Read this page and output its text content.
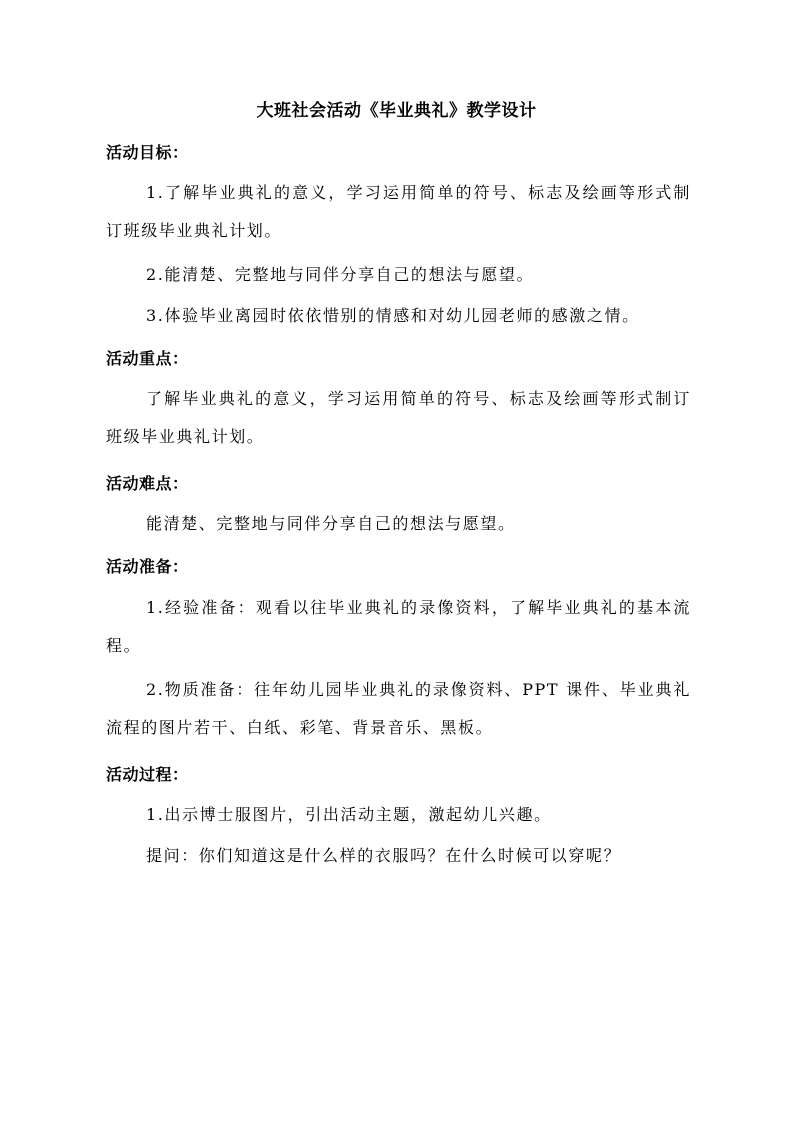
大班社会活动《毕业典礼》教学设计
活动目标：
1.了解毕业典礼的意义，学习运用简单的符号、标志及绘画等形式制订班级毕业典礼计划。
2.能清楚、完整地与同伴分享自己的想法与愿望。
3.体验毕业离园时依依惜别的情感和对幼儿园老师的感激之情。
活动重点：
了解毕业典礼的意义，学习运用简单的符号、标志及绘画等形式制订班级毕业典礼计划。
活动难点：
能清楚、完整地与同伴分享自己的想法与愿望。
活动准备：
1.经验准备：观看以往毕业典礼的录像资料，了解毕业典礼的基本流程。
2.物质准备：往年幼儿园毕业典礼的录像资料、PPT 课件、毕业典礼流程的图片若干、白纸、彩笔、背景音乐、黑板。
活动过程：
1.出示博士服图片，引出活动主题，激起幼儿兴趣。
提问：你们知道这是什么样的衣服吗？在什么时候可以穿呢？
